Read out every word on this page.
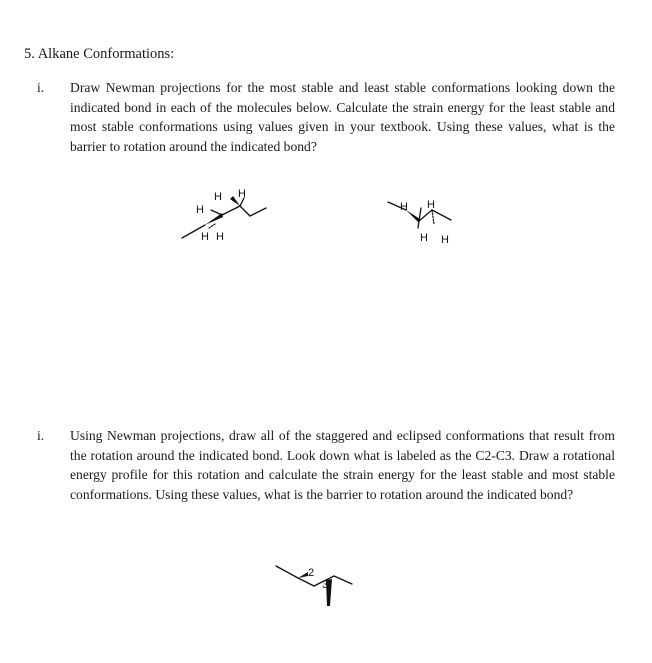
5. Alkane Conformations:
i. Draw Newman projections for the most stable and least stable conformations looking down the indicated bond in each of the molecules below. Calculate the strain energy for the least stable and most stable conformations using values given in your textbook. Using these values, what is the barrier to rotation around the indicated bond?
H H
H
H H
H H
H H
i. Using Newman projections, draw all of the staggered and eclipsed conformations that result from the rotation around the indicated bond. Look down what is labeled as the C2-C3. Draw a rotational energy profile for this rotation and calculate the strain energy for the least stable and most stable conformations. Using these values, what is the barrier to rotation around the indicated bond?
2
3
